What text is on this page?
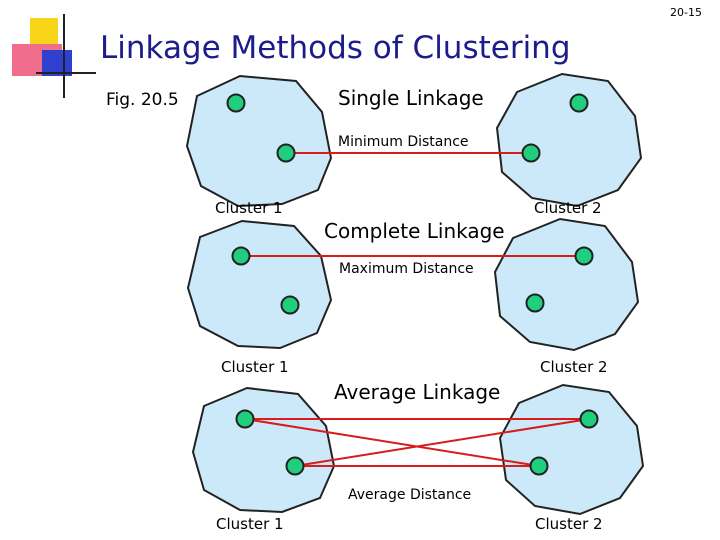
20-15
Linkage Methods of Clustering
Fig. 20.5	Single Linkage
Minimum Distance
Cluster 1	Cluster 2
Complete Linkage
Maximum Distance
Cluster 1	Cluster 2
Average Linkage
Average Distance
Cluster 1	Cluster 2
